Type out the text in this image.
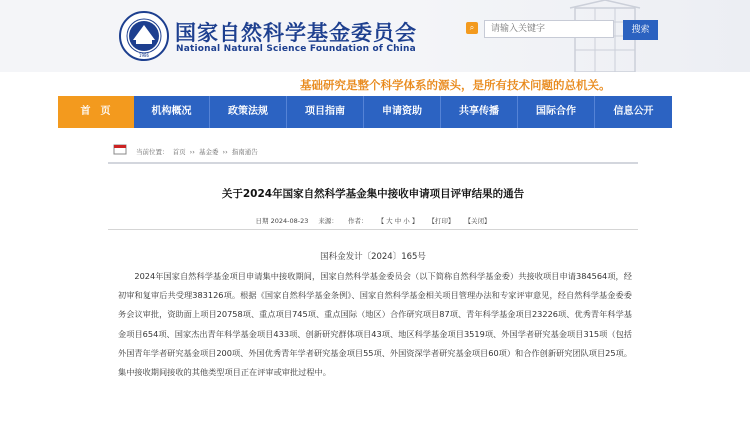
1986
国家自然科学基金委员会
National Natural Science Foundation of China
⌕
请输入关键字	搜索
基础研究是整个科学体系的源头，是所有技术问题的总机关。
首　页	机构概况	政策法规	项目指南	申请资助	共享传播	国际合作	信息公开
当前位置： 首页 ›› 基金委 ›› 指南通告
关于2024年国家自然科学基金集中接收申请项目评审结果的通告
日期 2024-08-23 来源： 作者： 【 大 中 小 】 【打印】 【关闭】
国科金发计〔2024〕165号
2024年国家自然科学基金项目申请集中接收期间，国家自然科学基金委员会（以下简称自然科学基金委）共接收项目申请384564项，经初审和复审后共受理383126项。根据《国家自然科学基金条例》、国家自然科学基金相关项目管理办法和专家评审意见，经自然科学基金委委务会议审批，资助面上项目20758项、重点项目745项、重点国际（地区）合作研究项目87项、青年科学基金项目23226项、优秀青年科学基金项目654项、国家杰出青年科学基金项目433项、创新研究群体项目43项、地区科学基金项目3519项、外国学者研究基金项目315项（包括外国青年学者研究基金项目200项、外国优秀青年学者研究基金项目55项、外国资深学者研究基金项目60项）和合作创新研究团队项目25项。集中接收期间接收的其他类型项目正在评审或审批过程中。
